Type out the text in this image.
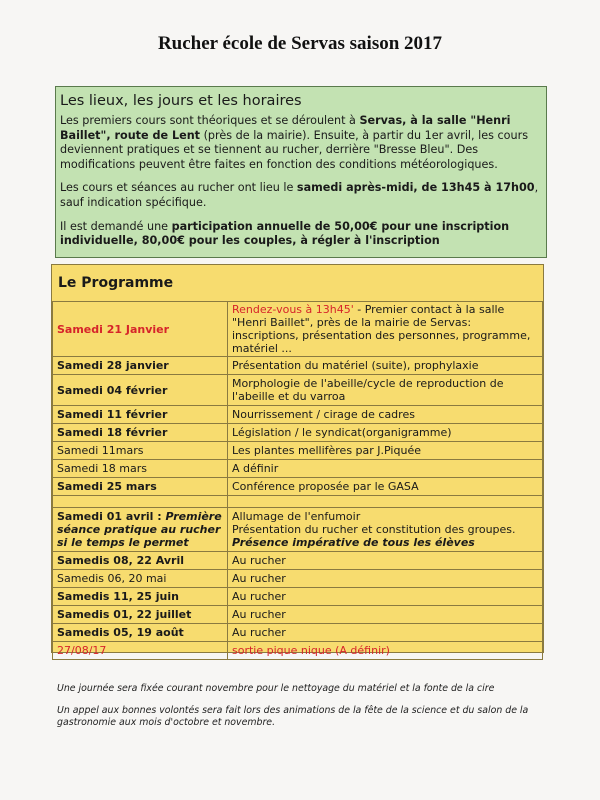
Rucher école de Servas saison 2017
Les lieux, les jours et les horaires

Les premiers cours sont théoriques et se déroulent à Servas, à la salle "Henri Baillet", route de Lent (près de la mairie). Ensuite, à partir du 1er avril, les cours deviennent pratiques et se tiennent au rucher, derrière "Bresse Bleu". Des modifications peuvent être faites en fonction des conditions météorologiques.

Les cours et séances au rucher ont lieu le samedi après-midi, de 13h45 à 17h00, sauf indication spécifique.

Il est demandé une participation annuelle de 50,00€ pour une inscription individuelle, 80,00€ pour les couples, à régler à l'inscription

Le Programme
Samedi 21 Janvier	Rendez-vous à 13h45' - Premier contact à la salle "Henri Baillet", près de la mairie de Servas: inscriptions, présentation des personnes, programme, matériel ...
Samedi 28 janvier	Présentation du matériel (suite), prophylaxie
Samedi 04 février	Morphologie de l'abeille/cycle de reproduction de l'abeille et du varroa
Samedi 11 février	Nourrissement / cirage de cadres
Samedi 18 février	Législation / le syndicat(organigramme)
Samedi 11mars	Les plantes mellifères par J.Piquée
Samedi 18 mars	A définir
Samedi 25 mars	Conférence proposée par le GASA

Samedi 01 avril : Première séance pratique au rucher si le temps le permet	Allumage de l'enfumoir
Présentation du rucher et constitution des groupes.
Présence impérative de tous les élèves

Samedis 08, 22 Avril	Au rucher
Samedis 06, 20 mai	Au rucher
Samedis 11, 25 juin	Au rucher
Samedis 01, 22 juillet	Au rucher
Samedis 05, 19 août	Au rucher
27/08/17	sortie pique nique (A définir)
Une journée sera fixée courant novembre pour le nettoyage du matériel et la fonte de la cire
Un appel aux bonnes volontés sera fait lors des animations de la fête de la science et du salon de la gastronomie aux mois d'octobre et novembre.
